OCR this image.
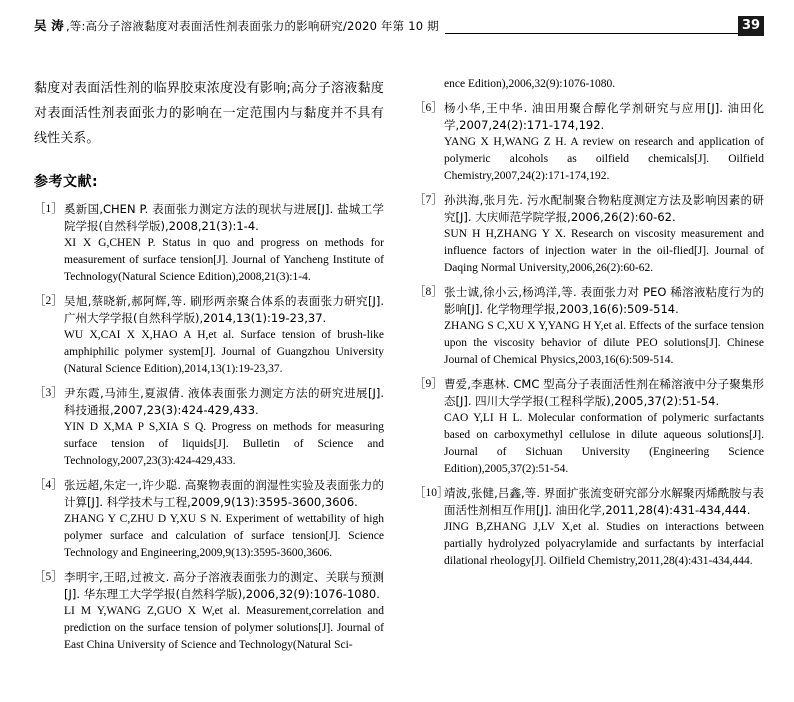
吴 涛 ,等:高分子溶液黏度对表面活性剂表面张力的影响研究/2020 年第 10 期	39
黏度对表面活性剂的临界胶束浓度没有影响;高分子溶液黏度对表面活性剂表面张力的影响在一定范围内与黏度并不具有线性关系。
参考文献:
［1］ 奚新国,CHEN P. 表面张力测定方法的现状与进展[J]. 盐城工学院学报(自然科学版),2008,21(3):1-4.
XI X G,CHEN P. Status in quo and progress on methods for measurement of surface tension[J]. Journal of Yancheng Institute of Technology(Natural Science Edition),2008,21(3):1-4.
［2］ 吴旭,蔡晓新,郝阿辉,等. 刷形两亲聚合体系的表面张力研究[J]. 广州大学学报(自然科学版),2014,13(1):19-23,37.
WU X,CAI X X,HAO A H,et al. Surface tension of brush-like amphiphilic polymer system[J]. Journal of Guangzhou University (Natural Science Edition),2014,13(1):19-23,37.
［3］ 尹东霞,马沛生,夏淑倩. 液体表面张力测定方法的研究进展[J]. 科技通报,2007,23(3):424-429,433.
YIN D X,MA P S,XIA S Q. Progress on methods for measuring surface tension of liquids[J]. Bulletin of Science and Technology,2007,23(3):424-429,433.
［4］ 张远超,朱定一,许少聪. 高聚物表面的润湿性实验及表面张力的计算[J]. 科学技术与工程,2009,9(13):3595-3600,3606.
ZHANG Y C,ZHU D Y,XU S N. Experiment of wettability of high polymer surface and calculation of surface tension[J]. Science Technology and Engineering,2009,9(13):3595-3600,3606.
［5］ 李明宇,王昭,过被文. 高分子溶液表面张力的测定、关联与预测[J]. 华东理工大学学报(自然科学版),2006,32(9):1076-1080.
LI M Y,WANG Z,GUO X W,et al. Measurement,correlation and prediction on the surface tension of polymer solutions[J]. Journal of East China University of Science and Technology(Natural Sci-
ence Edition),2006,32(9):1076-1080.
［6］ 杨小华,王中华. 油田用聚合醇化学剂研究与应用[J]. 油田化学,2007,24(2):171-174,192.
YANG X H,WANG Z H. A review on research and application of polymeric alcohols as oilfield chemicals[J]. Oilfield Chemistry,2007,24(2):171-174,192.
［7］ 孙洪海,张月先. 污水配制聚合物粘度测定方法及影响因素的研究[J]. 大庆师范学院学报,2006,26(2):60-62.
SUN H H,ZHANG Y X. Research on viscosity measurement and influence factors of injection water in the oil-flied[J]. Journal of Daqing Normal University,2006,26(2):60-62.
［8］ 张士诚,徐小云,杨鸿洋,等. 表面张力对 PEO 稀溶液粘度行为的影响[J]. 化学物理学报,2003,16(6):509-514.
ZHANG S C,XU X Y,YANG H Y,et al. Effects of the surface tension upon the viscosity behavior of dilute PEO solutions[J]. Chinese Journal of Chemical Physics,2003,16(6):509-514.
［9］ 曹爱,李惠林. CMC 型高分子表面活性剂在稀溶液中分子聚集形态[J]. 四川大学学报(工程科学版),2005,37(2):51-54.
CAO Y,LI H L. Molecular conformation of polymeric surfactants based on carboxymethyl cellulose in dilute aqueous solutions[J]. Journal of Sichuan University (Engineering Science Edition),2005,37(2):51-54.
［10］
靖波,张健,吕鑫,等. 界面扩张流变研究部分水解聚丙烯酰胺与表面活性剂相互作用[J]. 油田化学,2011,28(4):431-434,444.
JING B,ZHANG J,LV X,et al. Studies on interactions between partially hydrolyzed polyacrylamide and surfactants by interfacial dilational rheology[J]. Oilfield Chemistry,2011,28(4):431-434,444.
